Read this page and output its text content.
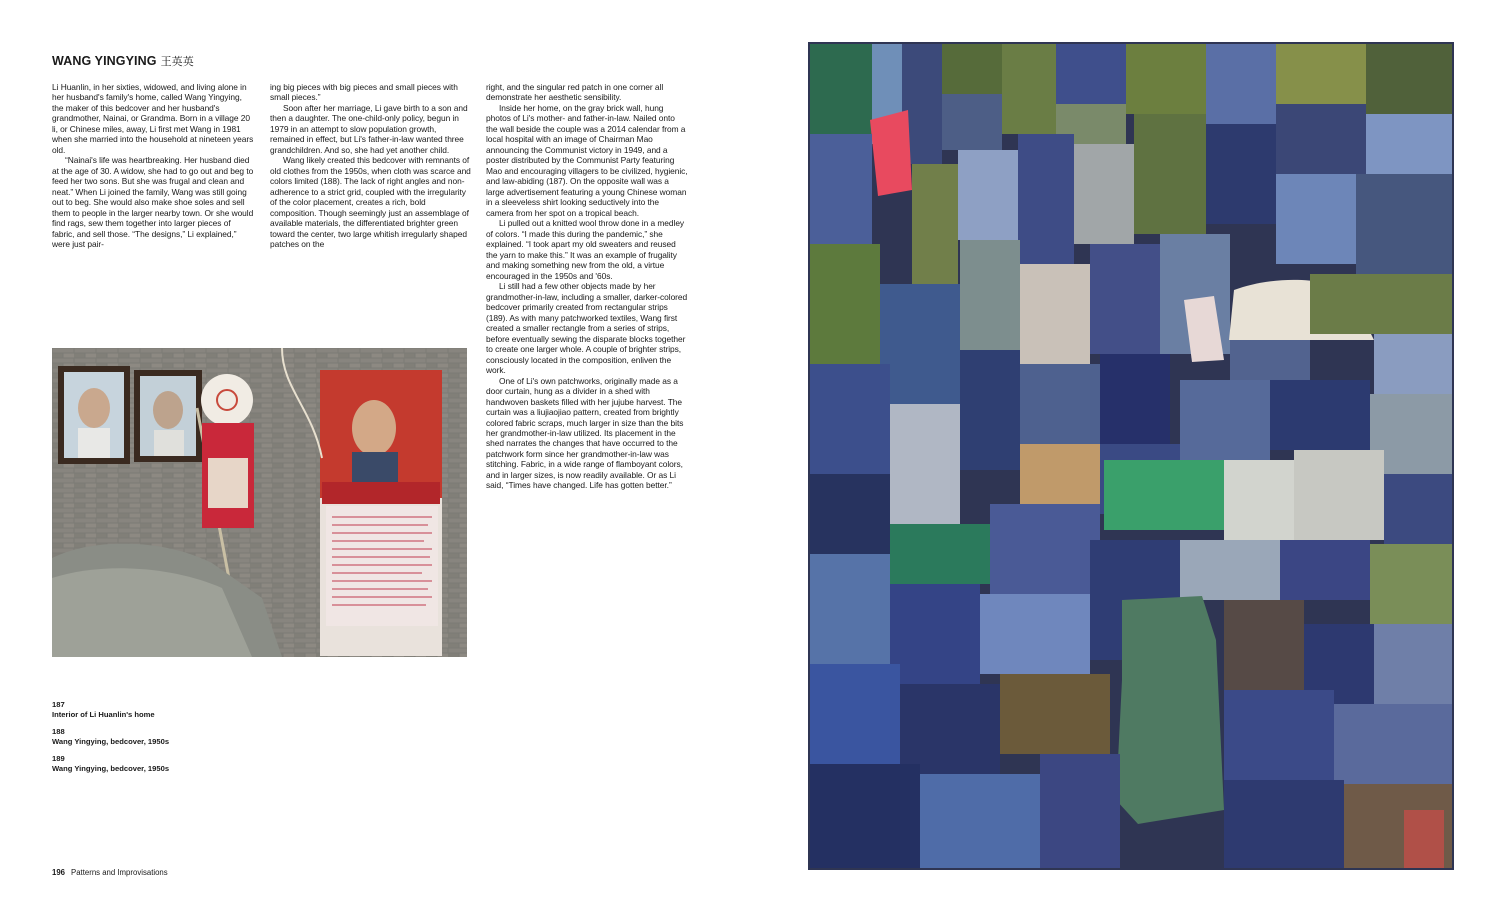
WANG YINGYING 王英英

Li Huanlin, in her sixties, widowed, and living alone in her husband's family's home, called Wang Yingying, the maker of this bedcover and her husband's grandmother, Nainai, or Grandma. Born in a village 20 li, or Chinese miles, away, Li first met Wang in 1981 when she married into the household at nineteen years old.

“Nainai's life was heartbreaking. Her husband died at the age of 30. A widow, she had to go out and beg to feed her two sons. But she was frugal and clean and neat.” When Li joined the family, Wang was still going out to beg. She would also make shoe soles and sell them to people in the larger nearby town. Or she would find rags, sew them together into larger pieces of fabric, and sell those. “The designs,” Li explained,” were just pair-

ing big pieces with big pieces and small pieces with small pieces.”

Soon after her marriage, Li gave birth to a son and then a daughter. The one-child-only policy, begun in 1979 in an attempt to slow population growth, remained in effect, but Li's father-in-law wanted three grandchildren. And so, she had yet another child.

Wang likely created this bedcover with remnants of old clothes from the 1950s, when cloth was scarce and colors limited (188). The lack of right angles and non-adherence to a strict grid, coupled with the irregularity of the color placement, creates a rich, bold composition. Though seemingly just an assemblage of available materials, the differentiated brighter green toward the center, two large whitish irregularly shaped patches on the

right, and the singular red patch in one corner all demonstrate her aesthetic sensibility.

Inside her home, on the gray brick wall, hung photos of Li's mother- and father-in-law. Nailed onto the wall beside the couple was a 2014 calendar from a local hospital with an image of Chairman Mao announcing the Communist victory in 1949, and a poster distributed by the Communist Party featuring Mao and encouraging villagers to be civilized, hygienic, and law-abiding (187). On the opposite wall was a large advertisement featuring a young Chinese woman in a sleeveless shirt looking seductively into the camera from her spot on a tropical beach.

Li pulled out a knitted wool throw done in a medley of colors. “I made this during the pandemic,” she explained. “I took apart my old sweaters and reused the yarn to make this.” It was an example of frugality and making something new from the old, a virtue encouraged in the 1950s and '60s.

Li still had a few other objects made by her grandmother-in-law, including a smaller, darker-colored bedcover primarily created from rectangular strips (189). As with many patchworked textiles, Wang first created a smaller rectangle from a series of strips, before eventually sewing the disparate blocks together to create one larger whole. A couple of brighter strips, consciously located in the composition, enliven the work.

One of Li's own patchworks, originally made as a door curtain, hung as a divider in a shed with handwoven baskets filled with her jujube harvest. The curtain was a liujiaojiao pattern, created from brightly colored fabric scraps, much larger in size than the bits her grandmother-in-law utilized. Its placement in the shed narrates the changes that have occurred to the patchwork form since her grandmother-in-law was stitching. Fabric, in a wide range of flamboyant colors, and in larger sizes, is now readily available. Or as Li said, “Times have changed. Life has gotten better.”

187
Interior of Li Huanlin's home
188
Wang Yingying, bedcover, 1950s
189
Wang Yingying, bedcover, 1950s
196 Patterns and Improvisations
